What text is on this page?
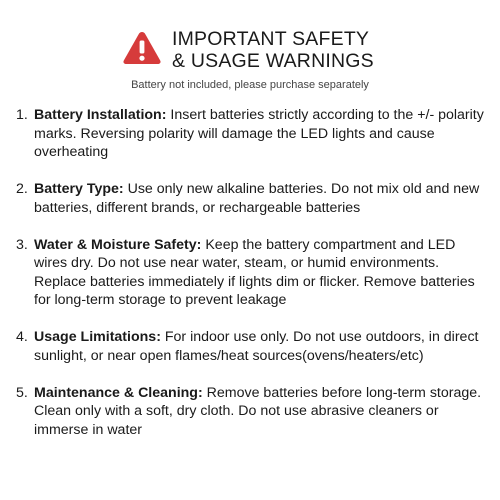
IMPORTANT SAFETY
& USAGE WARNINGS
Battery not included, please purchase separately
1. Battery Installation: Insert batteries strictly according to the +/- polarity marks. Reversing polarity will damage the LED lights and cause overheating
2. Battery Type: Use only new alkaline batteries. Do not mix old and new batteries, different brands, or rechargeable batteries
3. Water & Moisture Safety: Keep the battery compartment and LED wires dry. Do not use near water, steam, or humid environments. Replace batteries immediately if lights dim or flicker. Remove batteries for long-term storage to prevent leakage
4. Usage Limitations: For indoor use only. Do not use outdoors, in direct sunlight, or near open flames/heat sources(ovens/heaters/etc)
5. Maintenance & Cleaning: Remove batteries before long-term storage. Clean only with a soft, dry cloth. Do not use abrasive cleaners or immerse in water
